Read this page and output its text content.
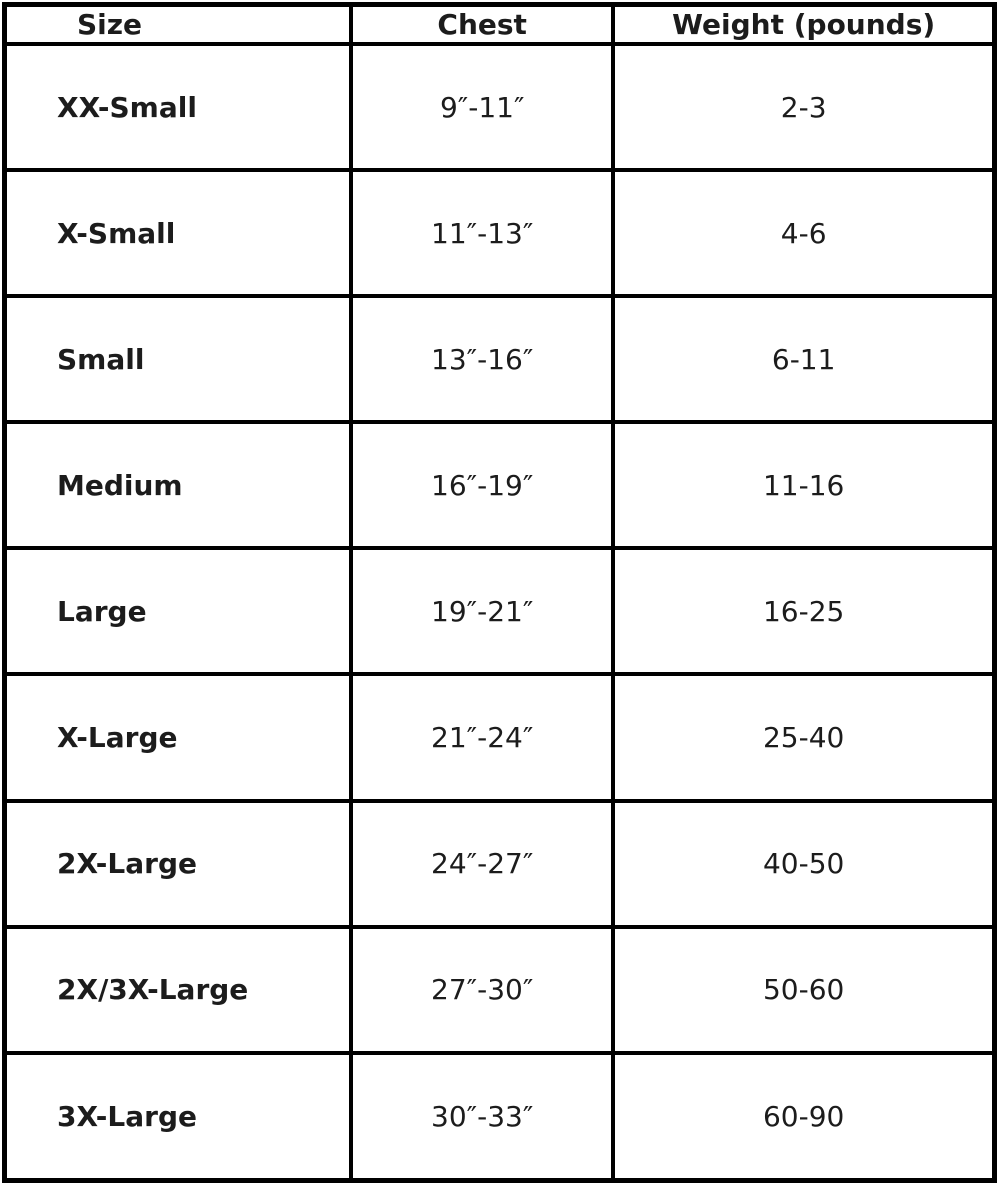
Size	Chest	Weight (pounds)
XX-Small	9″-11″	2-3
X-Small	11″-13″	4-6
Small	13″-16″	6-11
Medium	16″-19″	11-16
Large	19″-21″	16-25
X-Large	21″-24″	25-40
2X-Large	24″-27″	40-50
2X/3X-Large	27″-30″	50-60
3X-Large	30″-33″	60-90
